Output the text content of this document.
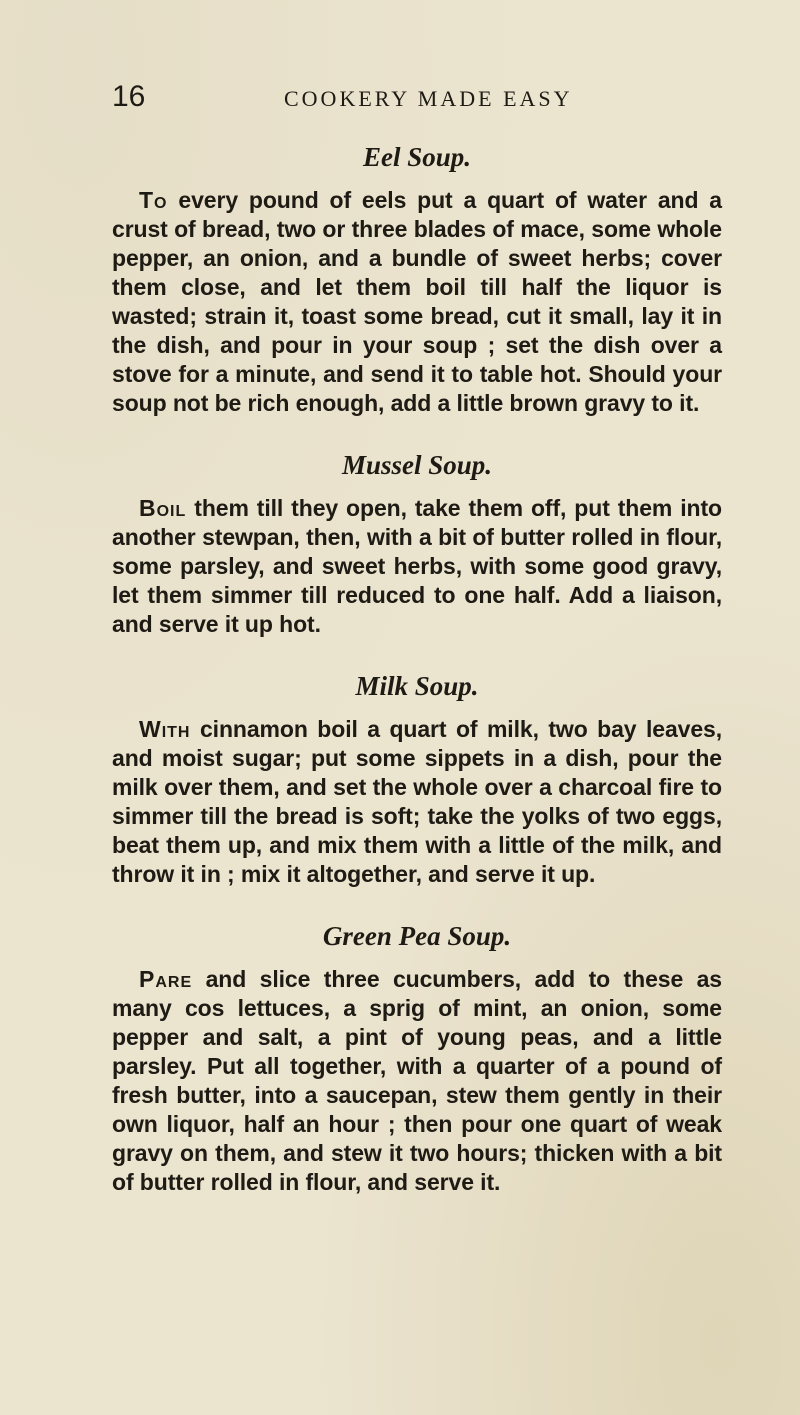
16	COOKERY MADE EASY
Eel Soup.

To every pound of eels put a quart of water and a crust of bread, two or three blades of mace, some whole pepper, an onion, and a bundle of sweet herbs; cover them close, and let them boil till half the liquor is wasted; strain it, toast some bread, cut it small, lay it in the dish, and pour in your soup ; set the dish over a stove for a minute, and send it to table hot. Should your soup not be rich enough, add a little brown gravy to it.

Mussel Soup.

Boil them till they open, take them off, put them into another stewpan, then, with a bit of butter rolled in flour, some parsley, and sweet herbs, with some good gravy, let them simmer till reduced to one half. Add a liaison, and serve it up hot.

Milk Soup.

With cinnamon boil a quart of milk, two bay leaves, and moist sugar; put some sippets in a dish, pour the milk over them, and set the whole over a charcoal fire to simmer till the bread is soft; take the yolks of two eggs, beat them up, and mix them with a little of the milk, and throw it in ; mix it altogether, and serve it up.

Green Pea Soup.

Pare and slice three cucumbers, add to these as many cos lettuces, a sprig of mint, an onion, some pepper and salt, a pint of young peas, and a little parsley. Put all together, with a quarter of a pound of fresh butter, into a saucepan, stew them gently in their own liquor, half an hour ; then pour one quart of weak gravy on them, and stew it two hours; thicken with a bit of butter rolled in flour, and serve it.
